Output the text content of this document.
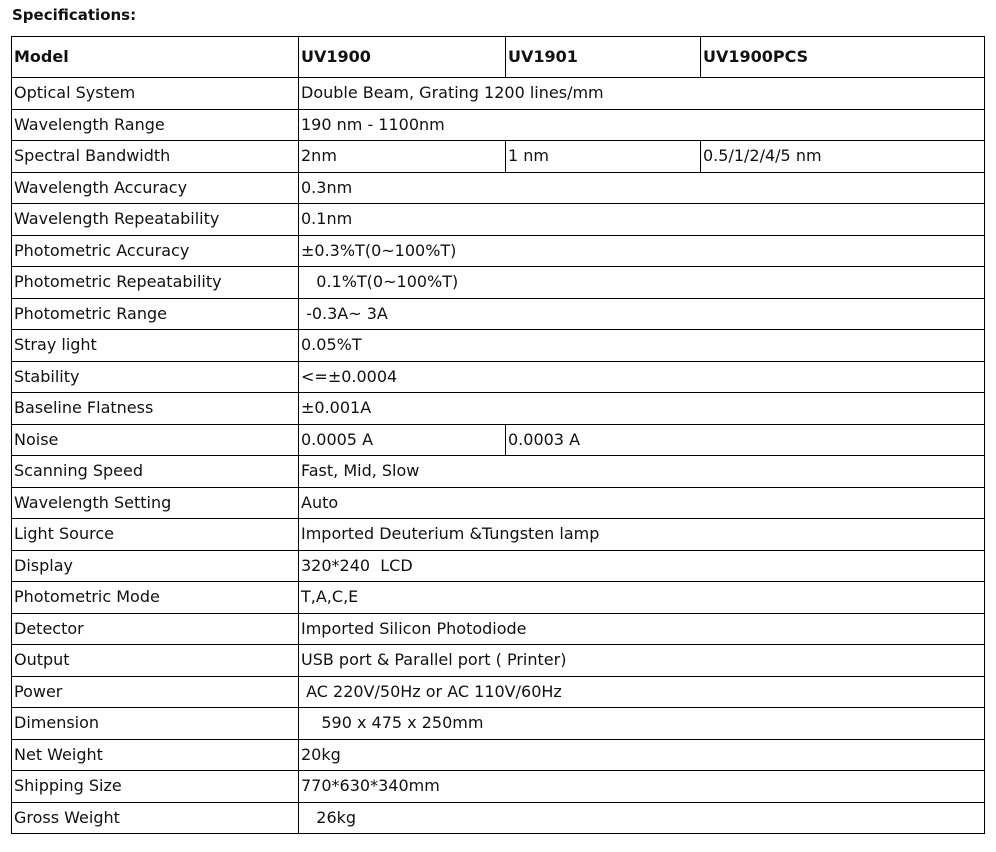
Specifications:
Model	UV1900	UV1901	UV1900PCS
Optical System	Double Beam, Grating 1200 lines/mm		
Wavelength Range	190 nm - 1100nm		
Spectral Bandwidth	2nm	1 nm	0.5/1/2/4/5 nm
Wavelength Accuracy	0.3nm		
Wavelength Repeatability	0.1nm		
Photometric Accuracy	±0.3%T(0~100%T)		
Photometric Repeatability	0.1%T(0~100%T)		
Photometric Range	-0.3A~ 3A		
Stray light	0.05%T		
Stability	<=±0.0004		
Baseline Flatness	±0.001A		
Noise	0.0005 A	0.0003 A	
Scanning Speed	Fast, Mid, Slow		
Wavelength Setting	Auto		
Light Source	Imported Deuterium &Tungsten lamp		
Display	320*240  LCD		
Photometric Mode	T,A,C,E		
Detector	Imported Silicon Photodiode		
Output	USB port & Parallel port ( Printer)		
Power	AC 220V/50Hz or AC 110V/60Hz		
Dimension	590 x 475 x 250mm		
Net Weight	20kg		
Shipping Size	770*630*340mm		
Gross Weight	26kg		
